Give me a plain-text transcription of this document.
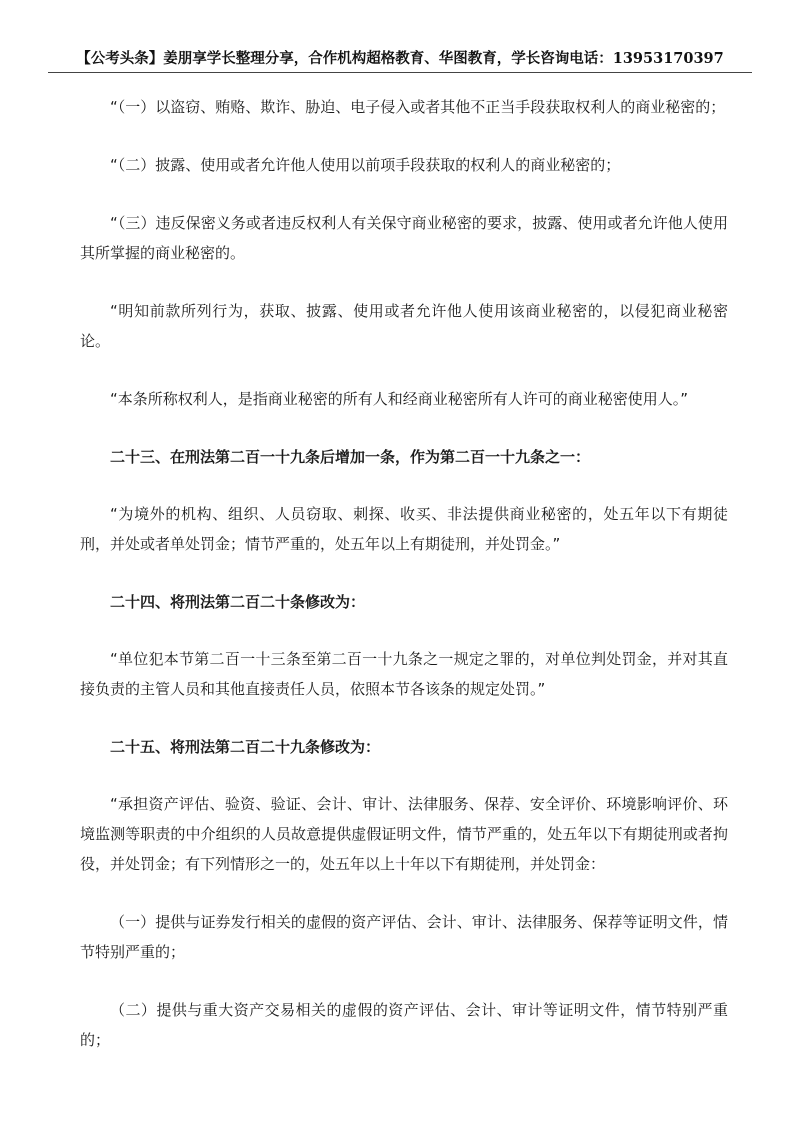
【公考头条】姜朋享学长整理分享，合作机构超格教育、华图教育，学长咨询电话：13953170397

“（一）以盗窃、贿赂、欺诈、胁迫、电子侵入或者其他不正当手段获取权利人的商业秘密的；

“（二）披露、使用或者允许他人使用以前项手段获取的权利人的商业秘密的；

“（三）违反保密义务或者违反权利人有关保守商业秘密的要求，披露、使用或者允许他人使用其所掌握的商业秘密的。

“明知前款所列行为，获取、披露、使用或者允许他人使用该商业秘密的，以侵犯商业秘密论。

“本条所称权利人，是指商业秘密的所有人和经商业秘密所有人许可的商业秘密使用人。”

二十三、在刑法第二百一十九条后增加一条，作为第二百一十九条之一：

“为境外的机构、组织、人员窃取、刺探、收买、非法提供商业秘密的，处五年以下有期徒刑，并处或者单处罚金；情节严重的，处五年以上有期徒刑，并处罚金。”

二十四、将刑法第二百二十条修改为：

“单位犯本节第二百一十三条至第二百一十九条之一规定之罪的，对单位判处罚金，并对其直接负责的主管人员和其他直接责任人员，依照本节各该条的规定处罚。”

二十五、将刑法第二百二十九条修改为：

“承担资产评估、验资、验证、会计、审计、法律服务、保荐、安全评价、环境影响评价、环境监测等职责的中介组织的人员故意提供虚假证明文件，情节严重的，处五年以下有期徒刑或者拘役，并处罚金；有下列情形之一的，处五年以上十年以下有期徒刑，并处罚金：

（一）提供与证券发行相关的虚假的资产评估、会计、审计、法律服务、保荐等证明文件，情节特别严重的；

（二）提供与重大资产交易相关的虚假的资产评估、会计、审计等证明文件，情节特别严重的；
